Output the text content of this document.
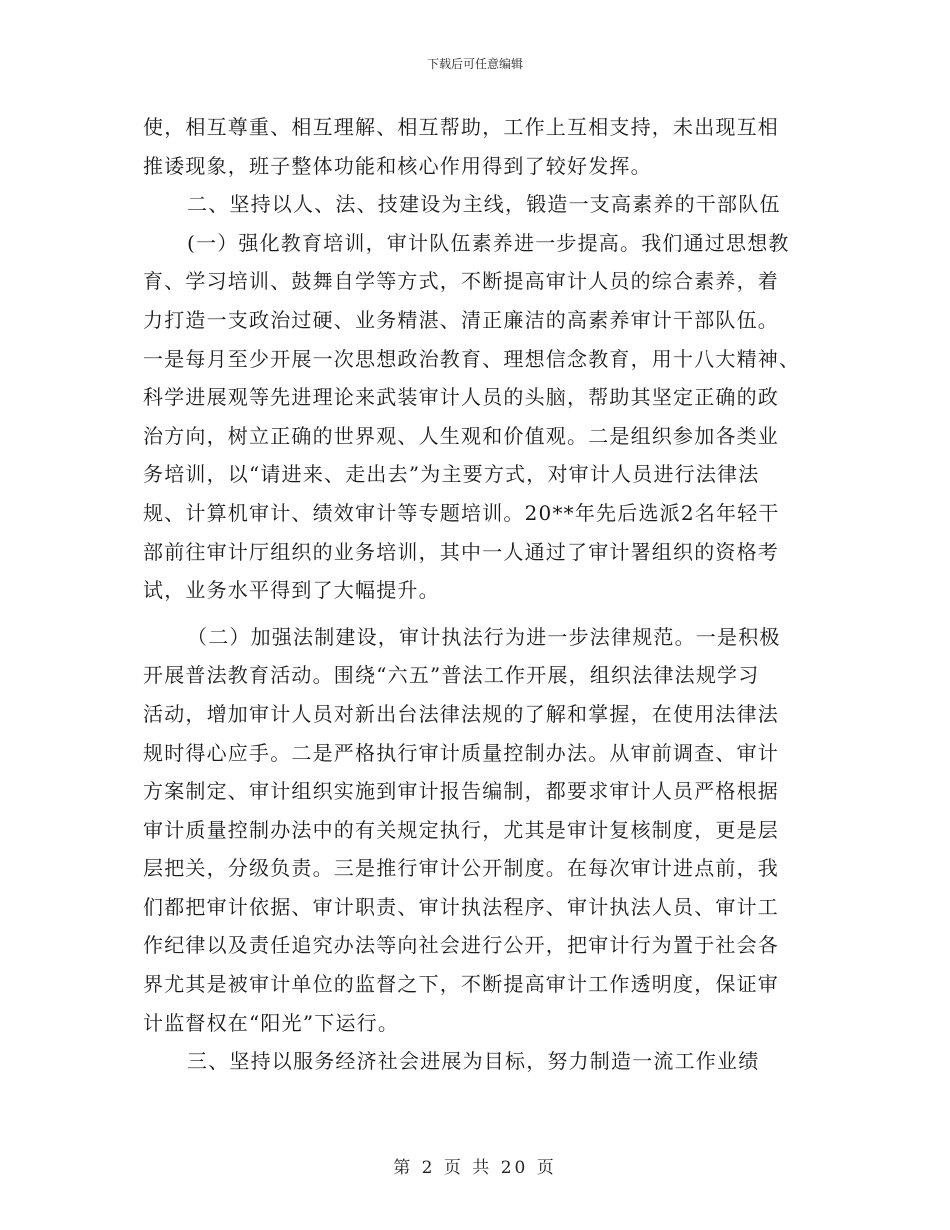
下载后可任意编辑
使，相互尊重、相互理解、相互帮助，工作上互相支持，未出现互相
推诿现象，班子整体功能和核心作用得到了较好发挥。
二、坚持以人、法、技建设为主线，锻造一支高素养的干部队伍
(一）强化教育培训，审计队伍素养进一步提高。我们通过思想教
育、学习培训、鼓舞自学等方式，不断提高审计人员的综合素养，着
力打造一支政治过硬、业务精湛、清正廉洁的高素养审计干部队伍。
一是每月至少开展一次思想政治教育、理想信念教育，用十八大精神、
科学进展观等先进理论来武装审计人员的头脑，帮助其坚定正确的政
治方向，树立正确的世界观、人生观和价值观。二是组织参加各类业
务培训，以“请进来、走出去”为主要方式，对审计人员进行法律法
规、计算机审计、绩效审计等专题培训。20**年先后选派2名年轻干
部前往审计厅组织的业务培训，其中一人通过了审计署组织的资格考
试，业务水平得到了大幅提升。
（二）加强法制建设，审计执法行为进一步法律规范。一是积极
开展普法教育活动。围绕“六五”普法工作开展，组织法律法规学习
活动，增加审计人员对新出台法律法规的了解和掌握，在使用法律法
规时得心应手。二是严格执行审计质量控制办法。从审前调查、审计
方案制定、审计组织实施到审计报告编制，都要求审计人员严格根据
审计质量控制办法中的有关规定执行，尤其是审计复核制度，更是层
层把关，分级负责。三是推行审计公开制度。在每次审计进点前，我
们都把审计依据、审计职责、审计执法程序、审计执法人员、审计工
作纪律以及责任追究办法等向社会进行公开，把审计行为置于社会各
界尤其是被审计单位的监督之下，不断提高审计工作透明度，保证审
计监督权在“阳光”下运行。
三、坚持以服务经济社会进展为目标，努力制造一流工作业绩
第 2 页 共 20 页
